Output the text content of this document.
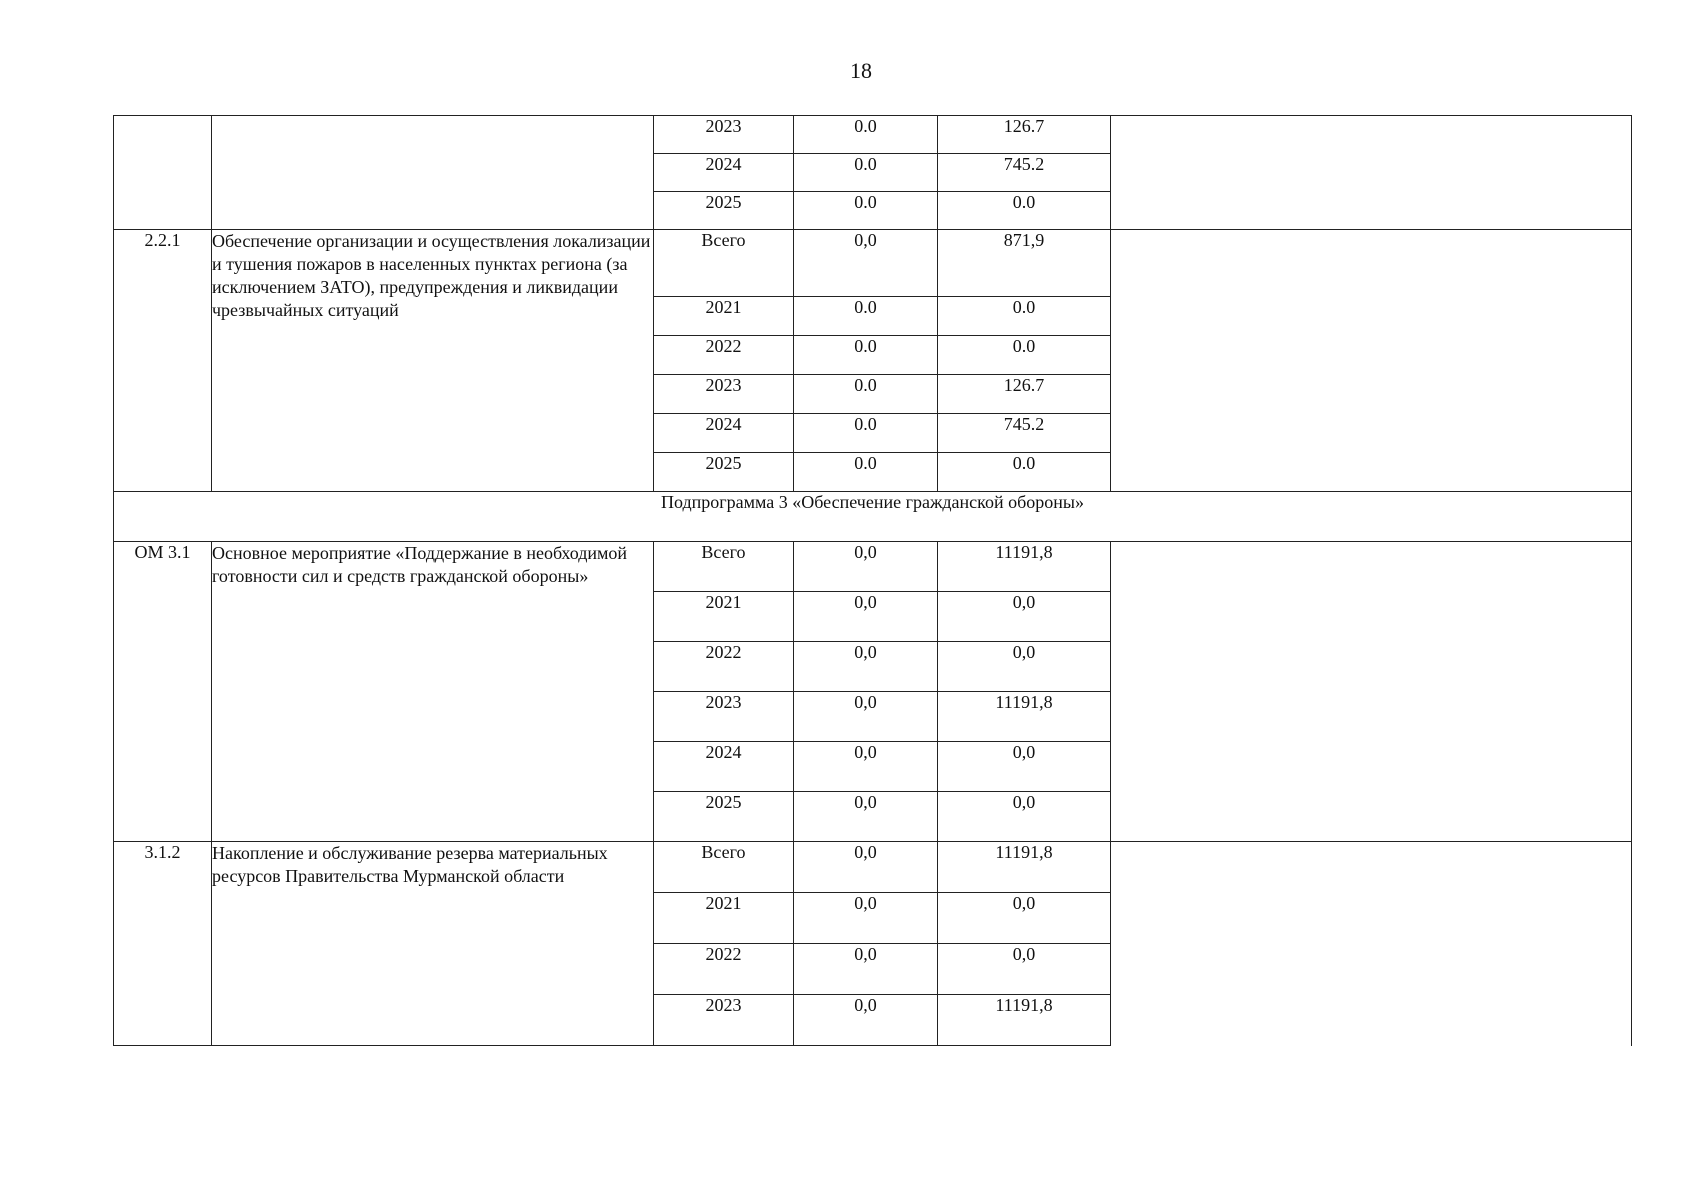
18
		2023	0.0	126.7	
		2024	0.0	745.2	
		2025	0.0	0.0	
2.2.1	Обеспечение организации и осуществления локализации и тушения пожаров в населенных пунктах региона (за исключением ЗАТО), предупреждения и ликвидации чрезвычайных ситуаций	Всего	0,0	871,9	
		2021	0.0	0.0	
		2022	0.0	0.0	
		2023	0.0	126.7	
		2024	0.0	745.2	
		2025	0.0	0.0	
Подпрограмма 3 «Обеспечение гражданской обороны»					
ОМ 3.1	Основное мероприятие «Поддержание в необходимой готовности сил и средств гражданской обороны»	Всего	0,0	11191,8	
		2021	0,0	0,0	
		2022	0,0	0,0	
		2023	0,0	11191,8	
		2024	0,0	0,0	
		2025	0,0	0,0	
3.1.2	Накопление и обслуживание резерва материальных ресурсов Правительства Мурманской области	Всего	0,0	11191,8	
		2021	0,0	0,0	
		2022	0,0	0,0	
		2023	0,0	11191,8	
